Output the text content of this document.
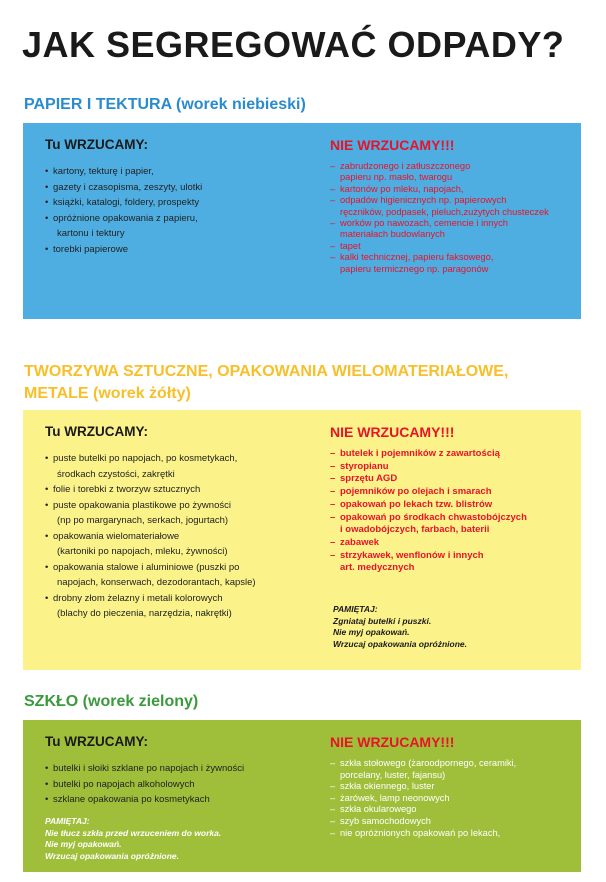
JAK SEGREGOWAĆ ODPADY?
PAPIER I TEKTURA (worek niebieski)
Tu WRZUCAMY:
• kartony, tekturę i papier,
• gazety i czasopisma, zeszyty, ulotki
• książki, katalogi, foldery, prospekty
• opróżnione opakowania z papieru,
kartonu i tektury
• torebki papierowe
NIE WRZUCAMY!!!
– zabrudzonego i zatłuszczonego
papieru np. masło, twarogu
– kartonów po mleku, napojach,
– odpadów higienicznych np. papierowych
ręczników, podpasek, pieluch,zużytych chusteczek
– worków po nawozach, cemencie i innych
materiałach budowlanych
– tapet
– kalki technicznej, papieru faksowego,
papieru termicznego np. paragonów
TWORZYWA SZTUCZNE, OPAKOWANIA WIELOMATERIAŁOWE,
METALE (worek żółty)
Tu WRZUCAMY:
• puste butelki po napojach, po kosmetykach,
środkach czystości, zakrętki
• folie i torebki z tworzyw sztucznych
• puste opakowania plastikowe po żywności
(np po margarynach, serkach, jogurtach)
• opakowania wielomateriałowe
(kartoniki po napojach, mleku, żywności)
• opakowania stalowe i aluminiowe (puszki po
napojach, konserwach, dezodorantach, kapsle)
• drobny złom żelazny i metali kolorowych
(blachy do pieczenia, narzędzia, nakrętki)
NIE WRZUCAMY!!!
– butelek i pojemników z zawartością
– styropianu
– sprzętu AGD
– pojemników po olejach i smarach
– opakowań po lekach tzw. blistrów
– opakowań po środkach chwastobójczych
i owadobójczych, farbach, baterii
– zabawek
– strzykawek, wenflonów i innych
art. medycznych
PAMIĘTAJ:
Zgniataj butelki i puszki.
Nie myj opakowań.
Wrzucaj opakowania opróżnione.
SZKŁO (worek zielony)
Tu WRZUCAMY:
• butelki i słoiki szklane po napojach i żywności
• butelki po napojach alkoholowych
• szklane opakowania po kosmetykach
PAMIĘTAJ:
Nie tłucz szkła przed wrzuceniem do worka.
Nie myj opakowań.
Wrzucaj opakowania opróżnione.
NIE WRZUCAMY!!!
– szkła stołowego (żaroodpornego, ceramiki,
porcelany, luster, fajansu)
– szkła okiennego, luster
– żarówek, lamp neonowych
– szkła okularowego
– szyb samochodowych
– nie opróżnionych opakowań po lekach,
